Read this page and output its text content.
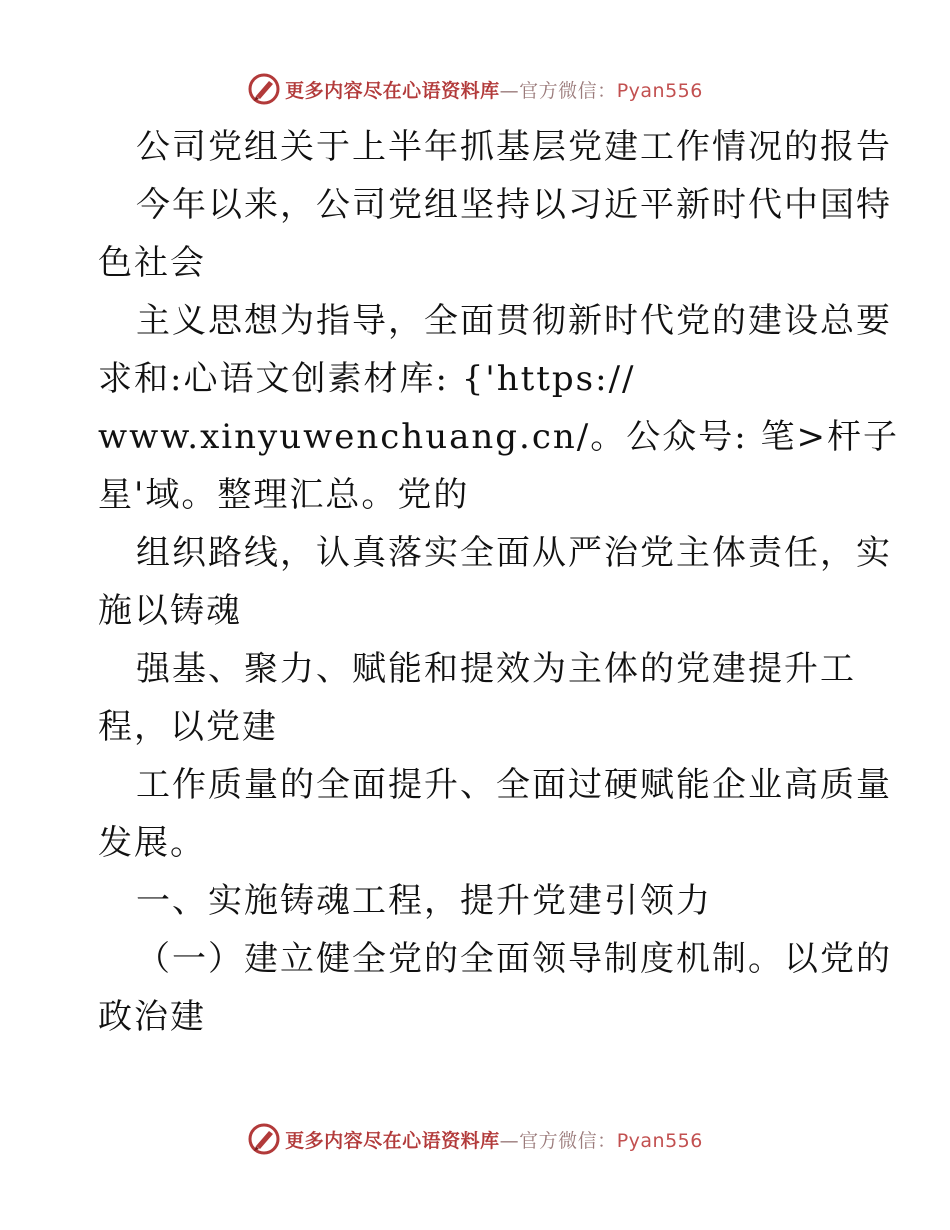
更多内容尽在心语资料库—官方微信：Pyan556
公司党组关于上半年抓基层党建工作情况的报告
今年以来，公司党组坚持以习近平新时代中国特
色社会
主义思想为指导，全面贯彻新时代党的建设总要
求和:心语文创素材库: {'https://
www.xinyuwenchuang.cn/。公众号: 笔>杆子
星'域。整理汇总。党的
组织路线，认真落实全面从严治党主体责任，实
施以铸魂
强基、聚力、赋能和提效为主体的党建提升工
程，以党建
工作质量的全面提升、全面过硬赋能企业高质量
发展。
一、实施铸魂工程，提升党建引领力
（一）建立健全党的全面领导制度机制。以党的
政治建
更多内容尽在心语资料库—官方微信：Pyan556
